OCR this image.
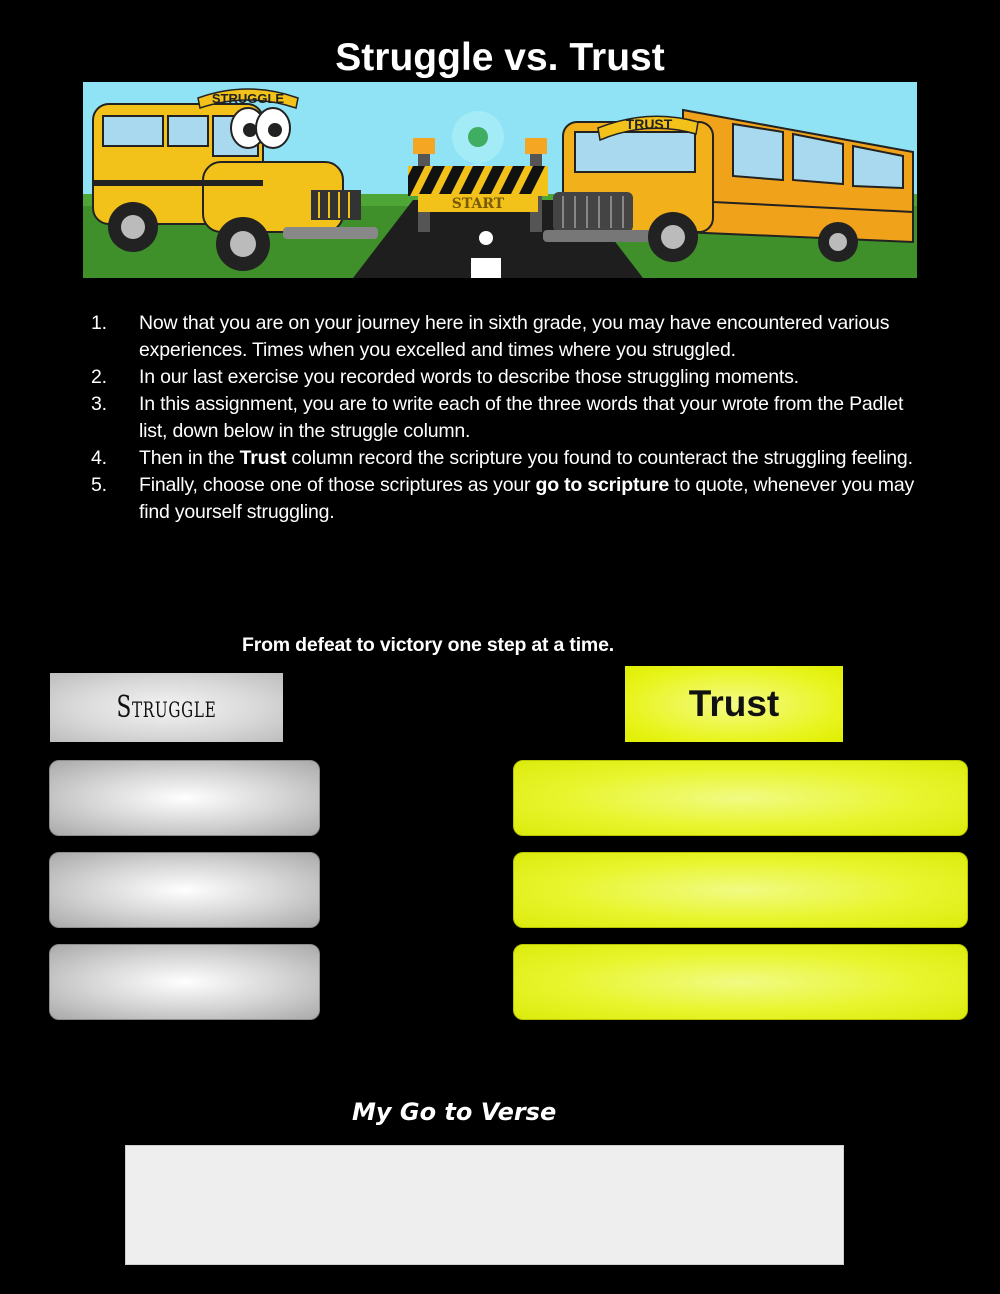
Struggle vs. Trust
START
STRUGGLE
TRUST
1. Now that you are on your journey here in sixth grade, you may have encountered various experiences. Times when you excelled and times where you struggled.
2. In our last exercise you recorded words to describe those struggling moments.
3. In this assignment, you are to write each of the three words that your wrote from the Padlet list, down below in the struggle column.
4. Then in the Trust column record the scripture you found to counteract the struggling feeling.
5. Finally, choose one of those scriptures as your go to scripture to quote, whenever you may find yourself struggling.
From defeat to victory one step at a time.
Struggle	Trust
My Go to Verse
